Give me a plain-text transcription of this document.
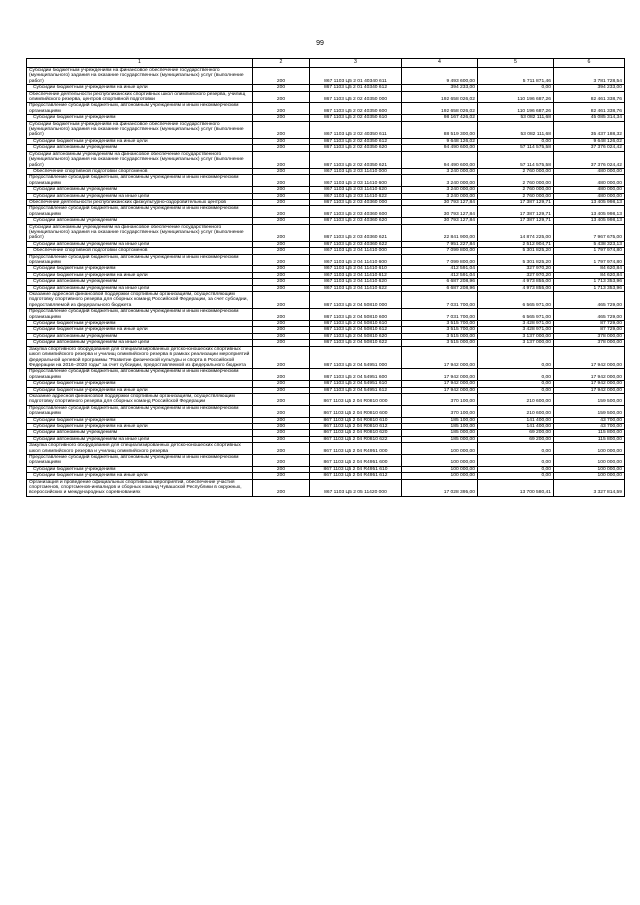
99
1	2	3	4	5	6
Субсидии бюджетным учреждениям на финансовое обеспечение государственного (муниципального) задания на оказание государственных (муниципальных) услуг (выполнение работ)	200	867 1103 Ц5 2 01 40340 611	9 493 600,00	5 711 871,46	3 781 728,54
Субсидии бюджетным учреждениям на иные цели	200	867 1103 Ц5 2 01 40340 612	394 233,00	0,00	394 233,00
Обеспечение деятельности республиканских спортивных школ олимпийского резерва, училищ олимпийского резерва, центров спортивной подготовки	200	867 1103 Ц5 2 02 40350 000	192 658 026,02	110 196 687,26	82 461 338,76
Предоставление субсидий бюджетным, автономным учреждениям и иным некоммерческим организациям	200	867 1103 Ц5 2 02 40350 600	192 658 026,02	110 196 687,26	82 461 338,76
Субсидии бюджетным учреждениям	200	867 1103 Ц5 2 02 40350 610	98 167 426,02	53 082 111,68	45 085 314,34
Субсидии бюджетным учреждениям на финансовое обеспечение государственного (муниципального) задания на оказание государственных (муниципальных) услуг (выполнение работ)	200	867 1103 Ц5 2 02 40350 611	88 519 300,00	53 082 111,68	35 437 188,32
Субсидии бюджетным учреждениям на иные цели	200	867 1103 Ц5 2 02 40350 612	9 648 126,02	0,00	9 648 126,02
Субсидии автономным учреждениям	200	867 1103 Ц5 2 02 40350 620	94 490 600,00	57 114 575,58	37 376 024,42
Субсидии автономным учреждениям на финансовое обеспечение государственного (муниципального) задания на оказание государственных (муниципальных) услуг (выполнение работ)	200	867 1103 Ц5 2 02 40350 621	94 490 600,00	57 114 575,58	37 376 024,42
Обеспечение спортивной подготовки спортсменов	200	867 1103 Ц5 2 03 11410 000	3 240 000,00	2 760 000,00	480 000,00
Предоставление субсидий бюджетным, автономным учреждениям и иным некоммерческим организациям	200	867 1103 Ц5 2 03 11410 600	3 240 000,00	2 760 000,00	480 000,00
Субсидии автономным учреждениям	200	867 1103 Ц5 2 03 11410 620	3 240 000,00	2 760 000,00	480 000,00
Субсидии автономным учреждениям на иные цели	200	867 1103 Ц5 2 03 11410 622	3 240 000,00	2 760 000,00	480 000,00
Обеспечение деятельности республиканских физкультурно-оздоровительных центров	200	867 1103 Ц5 2 03 40360 000	30 793 127,84	17 387 129,71	13 405 998,13
Предоставление субсидий бюджетным, автономным учреждениям и иным некоммерческим организациям	200	867 1103 Ц5 2 03 40360 600	30 793 127,84	17 387 129,71	13 405 998,13
Субсидии автономным учреждениям	200	867 1103 Ц5 2 03 40360 620	30 793 127,84	17 387 129,71	13 405 998,13
Субсидии автономным учреждениям на финансовое обеспечение государственного (муниципального) задания на оказание государственных (муниципальных) услуг (выполнение работ)	200	867 1103 Ц5 2 03 40360 621	22 841 900,00	14 874 225,00	7 967 675,00
Субсидии автономным учреждениям на иные цели	200	867 1103 Ц5 2 03 40360 622	7 951 227,84	2 512 904,71	5 438 323,13
Обеспечение спортивной подготовки спортсменов	200	867 1103 Ц5 2 04 11410 000	7 099 800,00	5 301 825,20	1 797 974,80
Предоставление субсидий бюджетным, автономным учреждениям и иным некоммерческим организациям	200	867 1103 Ц5 2 04 11410 600	7 099 800,00	5 301 825,20	1 797 974,80
Субсидии бюджетным учреждениям	200	867 1103 Ц5 2 04 11410 610	412 591,04	327 970,20	84 620,84
Субсидии бюджетным учреждениям на иные цели	200	867 1103 Ц5 2 04 11410 612	412 591,04	327 970,20	84 620,84
Субсидии автономным учреждениям	200	867 1103 Ц5 2 04 11410 620	6 687 208,96	4 973 855,00	1 713 353,96
Субсидии автономным учреждениям на иные цели	200	867 1103 Ц5 2 04 11410 622	6 687 208,96	4 973 855,00	1 713 353,96
Оказание адресной финансовой поддержки спортивным организациям, осуществляющим подготовку спортивного резерва для сборных команд Российской Федерации, за счет субсидии, предоставляемой из федерального бюджета	200	867 1103 Ц5 2 04 50810 000	7 031 700,00	6 565 971,00	465 729,00
Предоставление субсидий бюджетным, автономным учреждениям и иным некоммерческим организациям	200	867 1103 Ц5 2 04 50810 600	7 031 700,00	6 565 971,00	465 729,00
Субсидии бюджетным учреждениям	200	867 1103 Ц5 2 04 50810 610	3 515 700,00	3 428 971,00	87 729,00
Субсидии бюджетным учреждениям на иные цели	200	867 1103 Ц5 2 04 50810 612	3 515 700,00	3 428 971,00	87 729,00
Субсидии автономным учреждениям	200	867 1103 Ц5 2 04 50810 620	3 515 000,00	3 137 000,00	378 000,00
Субсидии автономным учреждениям на иные цели	200	867 1103 Ц5 2 04 50810 622	3 515 000,00	3 137 000,00	378 000,00
Закупка спортивного оборудования для специализированных детско-юношеских спортивных школ олимпийского резерва и училищ олимпийского резерва в рамках реализации мероприятий федеральной целевой программы "Развитие физической культуры и спорта в Российской Федерации на 2016–2020 годы" за счет субсидии, предоставляемой из федерального бюджета	200	867 1103 Ц5 2 04 54951 000	17 942 000,00	0,00	17 942 000,00
Предоставление субсидий бюджетным, автономным учреждениям и иным некоммерческим организациям	200	867 1103 Ц5 2 04 54951 600	17 942 000,00	0,00	17 942 000,00
Субсидии бюджетным учреждениям	200	867 1103 Ц5 2 04 54951 610	17 942 000,00	0,00	17 942 000,00
Субсидии бюджетным учреждениям на иные цели	200	867 1103 Ц5 2 04 54951 612	17 942 000,00	0,00	17 942 000,00
Оказание адресной финансовой поддержки спортивным организациям, осуществляющим подготовку спортивного резерва для сборных команд Российской Федерации	200	867 1103 Ц5 2 04 R0810 000	370 100,00	210 600,00	159 500,00
Предоставление субсидий бюджетным, автономным учреждениям и иным некоммерческим организациям	200	867 1103 Ц5 2 04 R0810 600	370 100,00	210 600,00	159 500,00
Субсидии бюджетным учреждениям	200	867 1103 Ц5 2 04 R0810 610	185 100,00	141 400,00	43 700,00
Субсидии бюджетным учреждениям на иные цели	200	867 1103 Ц5 2 04 R0810 612	185 100,00	141 400,00	43 700,00
Субсидии автономным учреждениям	200	867 1103 Ц5 2 04 R0810 620	185 000,00	69 200,00	115 800,00
Субсидии автономным учреждениям на иные цели	200	867 1103 Ц5 2 04 R0810 622	185 000,00	69 200,00	115 800,00
Закупка спортивного оборудования для специализированных детско-юношеских спортивных школ олимпийского резерва и училищ олимпийского резерва	200	867 1103 Ц5 2 04 R4951 000	100 000,00	0,00	100 000,00
Предоставление субсидий бюджетным, автономным учреждениям и иным некоммерческим организациям	200	867 1103 Ц5 2 04 R4951 600	100 000,00	0,00	100 000,00
Субсидии бюджетным учреждениям	200	867 1103 Ц5 2 04 R4951 610	100 000,00	0,00	100 000,00
Субсидии бюджетным учреждениям на иные цели	200	867 1103 Ц5 2 04 R4951 612	100 000,00	0,00	100 000,00
Организация и проведение официальных спортивных мероприятий, обеспечение участия спортсменов, спортсменов-инвалидов и сборных команд Чувашской Республики в окружных, всероссийских и международных соревнованиях	200	867 1103 Ц5 2 05 11420 000	17 028 395,00	13 700 580,41	3 327 814,59
